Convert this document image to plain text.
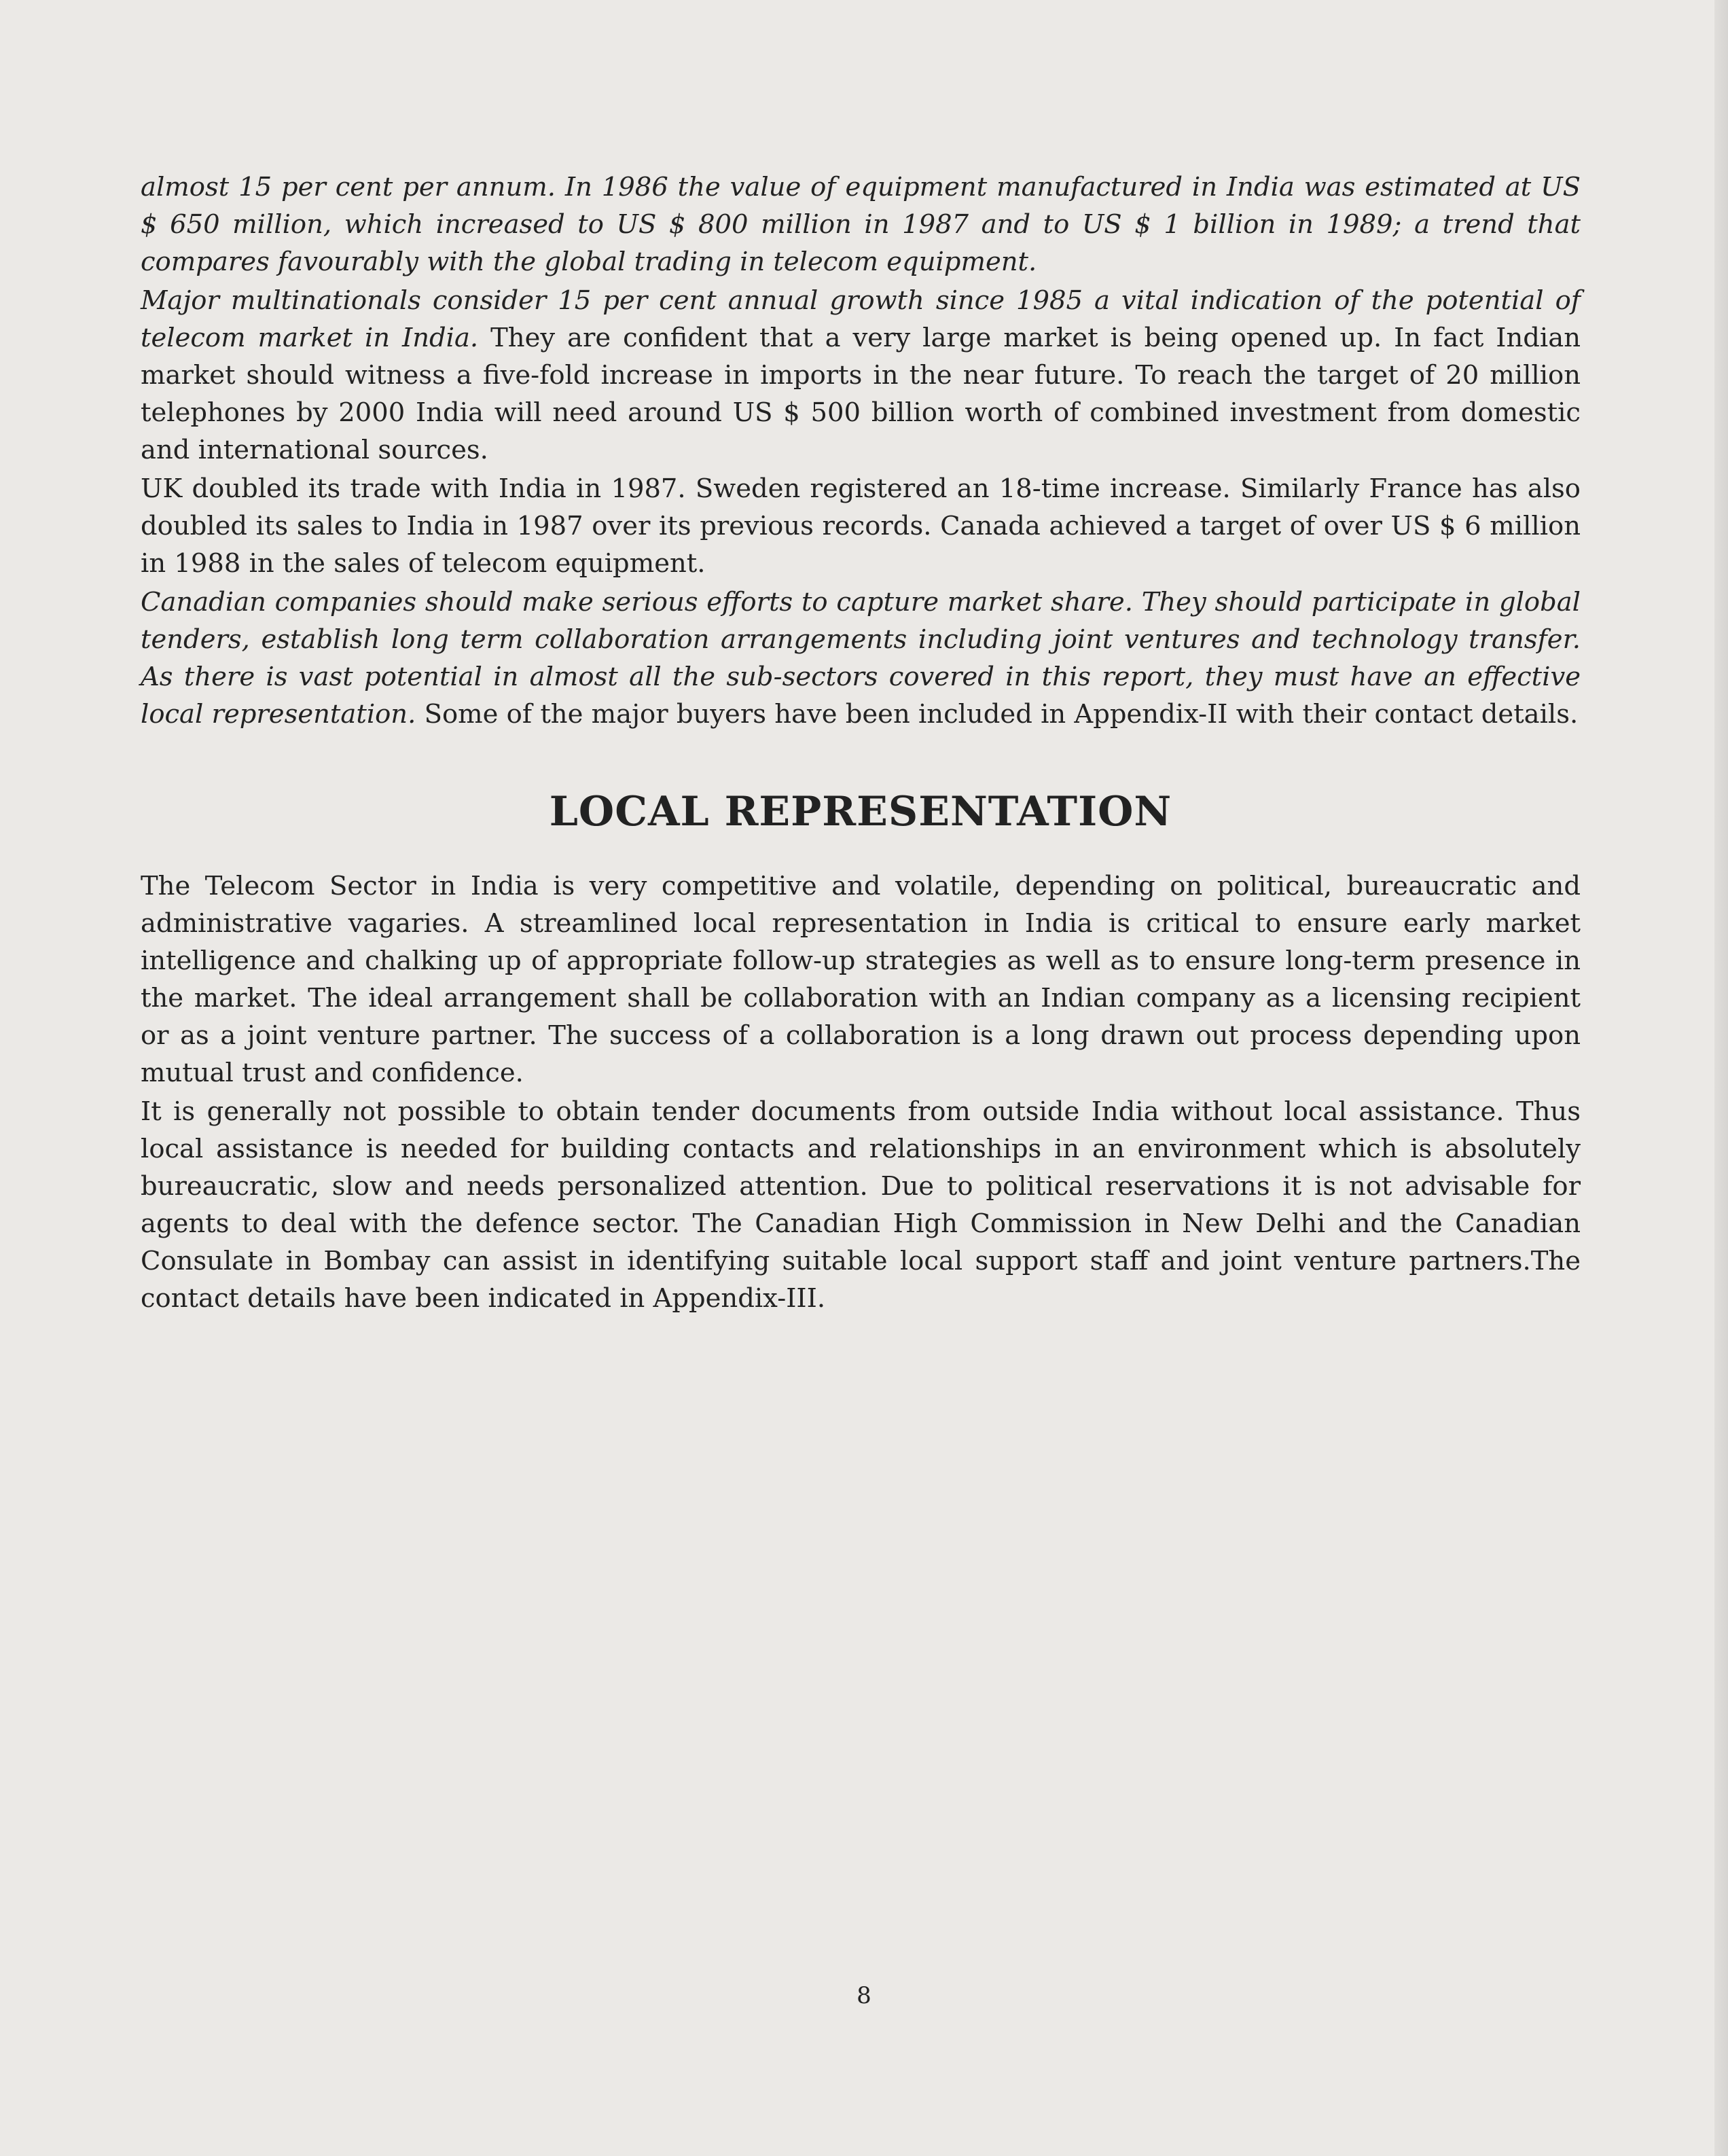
almost 15 per cent per annum. In 1986 the value of equipment manufactured in India was estimated at US $ 650 million, which increased to US $ 800 million in 1987 and to US $ 1 billion in 1989; a trend that compares favourably with the global trading in telecom equipment.

Major multinationals consider 15 per cent annual growth since 1985 a vital indication of the potential of telecom market in India. They are confident that a very large market is being opened up. In fact Indian market should witness a five-fold increase in imports in the near future. To reach the target of 20 million telephones by 2000 India will need around US $ 500 billion worth of combined investment from domestic and international sources.

UK doubled its trade with India in 1987. Sweden registered an 18-time increase. Similarly France has also doubled its sales to India in 1987 over its previous records. Canada achieved a target of over US $ 6 million in 1988 in the sales of telecom equipment.

Canadian companies should make serious efforts to capture market share. They should participate in global tenders, establish long term collaboration arrangements including joint ventures and technology transfer. As there is vast potential in almost all the sub-sectors covered in this report, they must have an effective local representation. Some of the major buyers have been included in Appendix-II with their contact details.

LOCAL REPRESENTATION

The Telecom Sector in India is very competitive and volatile, depending on political, bureaucratic and administrative vagaries. A streamlined local representation in India is critical to ensure early market intelligence and chalking up of appropriate follow-up strategies as well as to ensure long-term presence in the market. The ideal arrangement shall be collaboration with an Indian company as a licensing recipient or as a joint venture partner. The success of a collaboration is a long drawn out process depending upon mutual trust and confidence.

It is generally not possible to obtain tender documents from outside India without local assistance. Thus local assistance is needed for building contacts and relationships in an environment which is absolutely bureaucratic, slow and needs personalized attention. Due to political reservations it is not advisable for agents to deal with the defence sector. The Canadian High Commission in New Delhi and the Canadian Consulate in Bombay can assist in identifying suitable local support staff and joint venture partners.The contact details have been indicated in Appendix-III.

8
